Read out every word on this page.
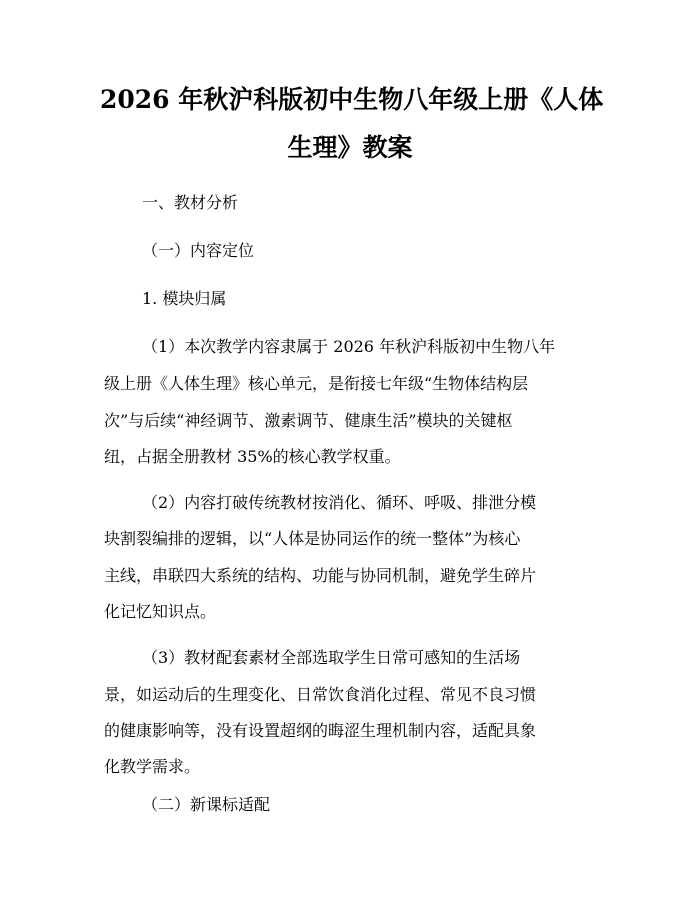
2026 年秋沪科版初中生物八年级上册《人体
生理》教案

一、教材分析

（一）内容定位

1. 模块归属

（1）本次教学内容隶属于 2026 年秋沪科版初中生物八年

级上册《人体生理》核心单元，是衔接七年级“生物体结构层

次”与后续“神经调节、激素调节、健康生活”模块的关键枢

纽，占据全册教材 35%的核心教学权重。

（2）内容打破传统教材按消化、循环、呼吸、排泄分模

块割裂编排的逻辑，以“人体是协同运作的统一整体”为核心

主线，串联四大系统的结构、功能与协同机制，避免学生碎片

化记忆知识点。

（3）教材配套素材全部选取学生日常可感知的生活场

景，如运动后的生理变化、日常饮食消化过程、常见不良习惯

的健康影响等，没有设置超纲的晦涩生理机制内容，适配具象

化教学需求。

（二）新课标适配
